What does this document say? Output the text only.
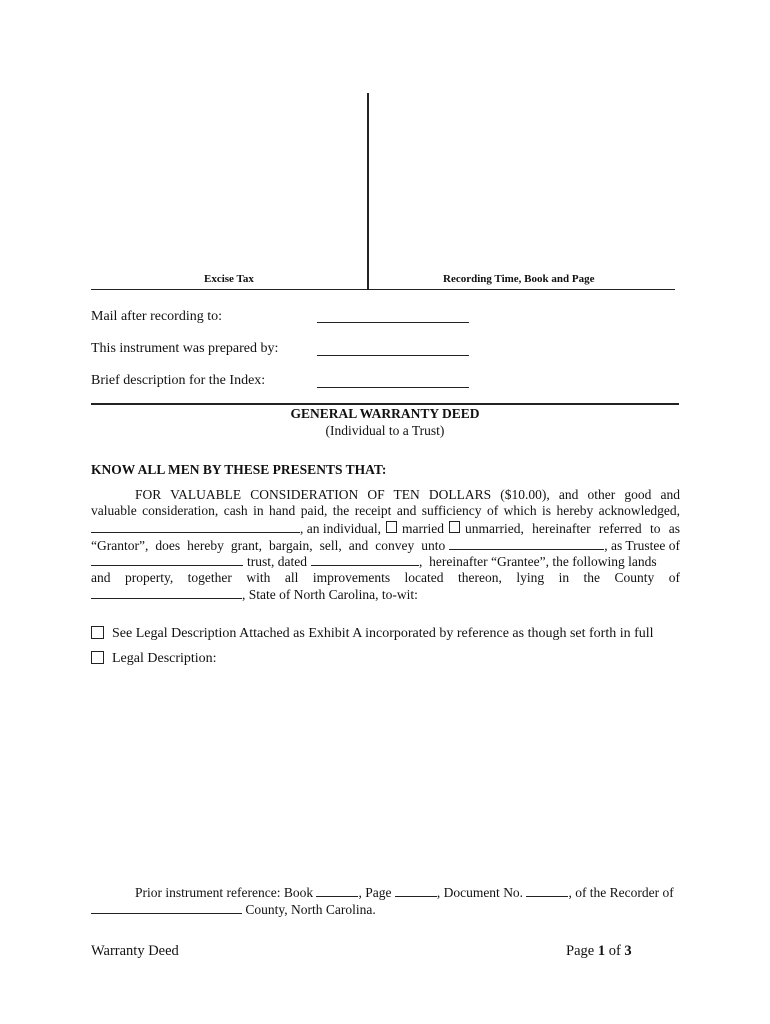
Excise Tax	Recording Time, Book and Page
Mail after recording to:
This instrument was prepared by:
Brief description for the Index:
GENERAL WARRANTY DEED
(Individual to a Trust)
KNOW ALL MEN BY THESE PRESENTS THAT:
FOR VALUABLE CONSIDERATION OF TEN DOLLARS ($10.00), and other good and
valuable consideration, cash in hand paid, the receipt and sufficiency of which is hereby acknowledged,
, an individual, married unmarried, hereinafter referred to as
“Grantor”, does hereby grant, bargain, sell, and convey unto	, as Trustee of
trust, dated	,  hereinafter “Grantee”, the following lands
and property, together with all improvements located thereon, lying in the County of
, State of North Carolina, to-wit:
See Legal Description Attached as Exhibit A incorporated by reference as though set forth in full
Legal Description:
Prior instrument reference: Book	, Page	, Document No.	, of the Recorder of
County, North Carolina.
Warranty Deed	Page 1 of 3
